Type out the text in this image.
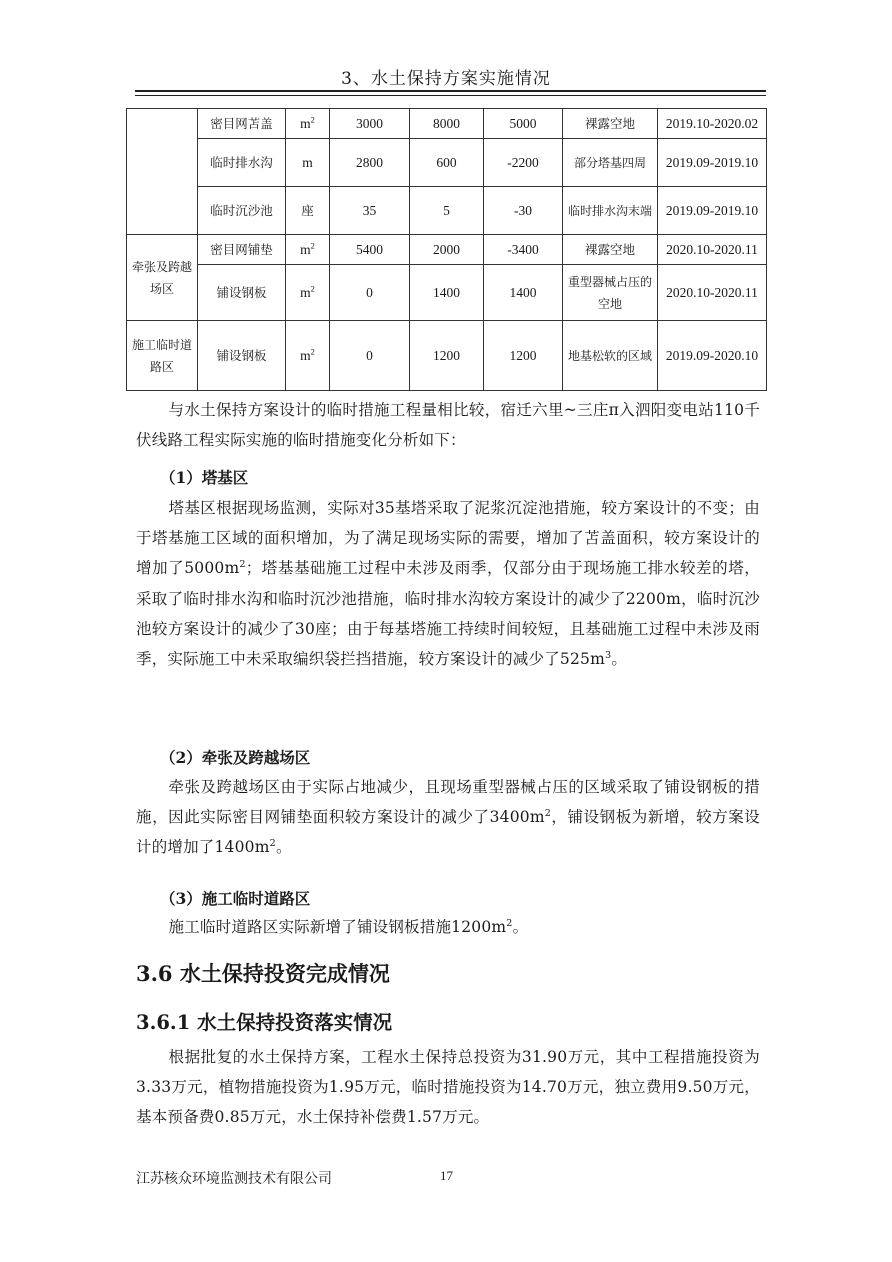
3、水土保持方案实施情况
	密目网苫盖	$m^2$	3000	8000	5000	裸露空地	2019.10-2020.02
	临时排水沟	m	2800	600	-2200	部分塔基四周	2019.09-2019.10
	临时沉沙池	座	35	5	-30	临时排水沟末端	2019.09-2019.10
牵张及跨越场区	密目网铺垫	$m^2$	5400	2000	-3400	裸露空地	2020.10-2020.11
	铺设钢板	$m^2$	0	1400	1400	重型器械占压的空地	2020.10-2020.11
施工临时道路区	铺设钢板	$m^2$	0	1200	1200	地基松软的区域	2019.09-2020.10
与水土保持方案设计的临时措施工程量相比较，宿迁六里~三庄π入泗阳变电站110千伏线路工程实际实施的临时措施变化分析如下：
（1）塔基区
塔基区根据现场监测，实际对35基塔采取了泥浆沉淀池措施，较方案设计的不变；由于塔基施工区域的面积增加，为了满足现场实际的需要，增加了苫盖面积，较方案设计的增加了$5000m^2$；塔基基础施工过程中未涉及雨季，仅部分由于现场施工排水较差的塔，采取了临时排水沟和临时沉沙池措施，临时排水沟较方案设计的减少了2200m，临时沉沙池较方案设计的减少了30座；由于每基塔施工持续时间较短，且基础施工过程中未涉及雨季，实际施工中未采取编织袋拦挡措施，较方案设计的减少了$525m^3$。
（2）牵张及跨越场区
牵张及跨越场区由于实际占地减少，且现场重型器械占压的区域采取了铺设钢板的措施，因此实际密目网铺垫面积较方案设计的减少了$3400m^2$，铺设钢板为新增，较方案设计的增加了$1400m^2$。
（3）施工临时道路区
施工临时道路区实际新增了铺设钢板措施$1200m^2$。
3.6 水土保持投资完成情况
3.6.1 水土保持投资落实情况
根据批复的水土保持方案，工程水土保持总投资为31.90万元，其中工程措施投资为3.33万元，植物措施投资为1.95万元，临时措施投资为14.70万元，独立费用9.50万元，基本预备费0.85万元，水土保持补偿费1.57万元。
江苏核众环境监测技术有限公司	17
